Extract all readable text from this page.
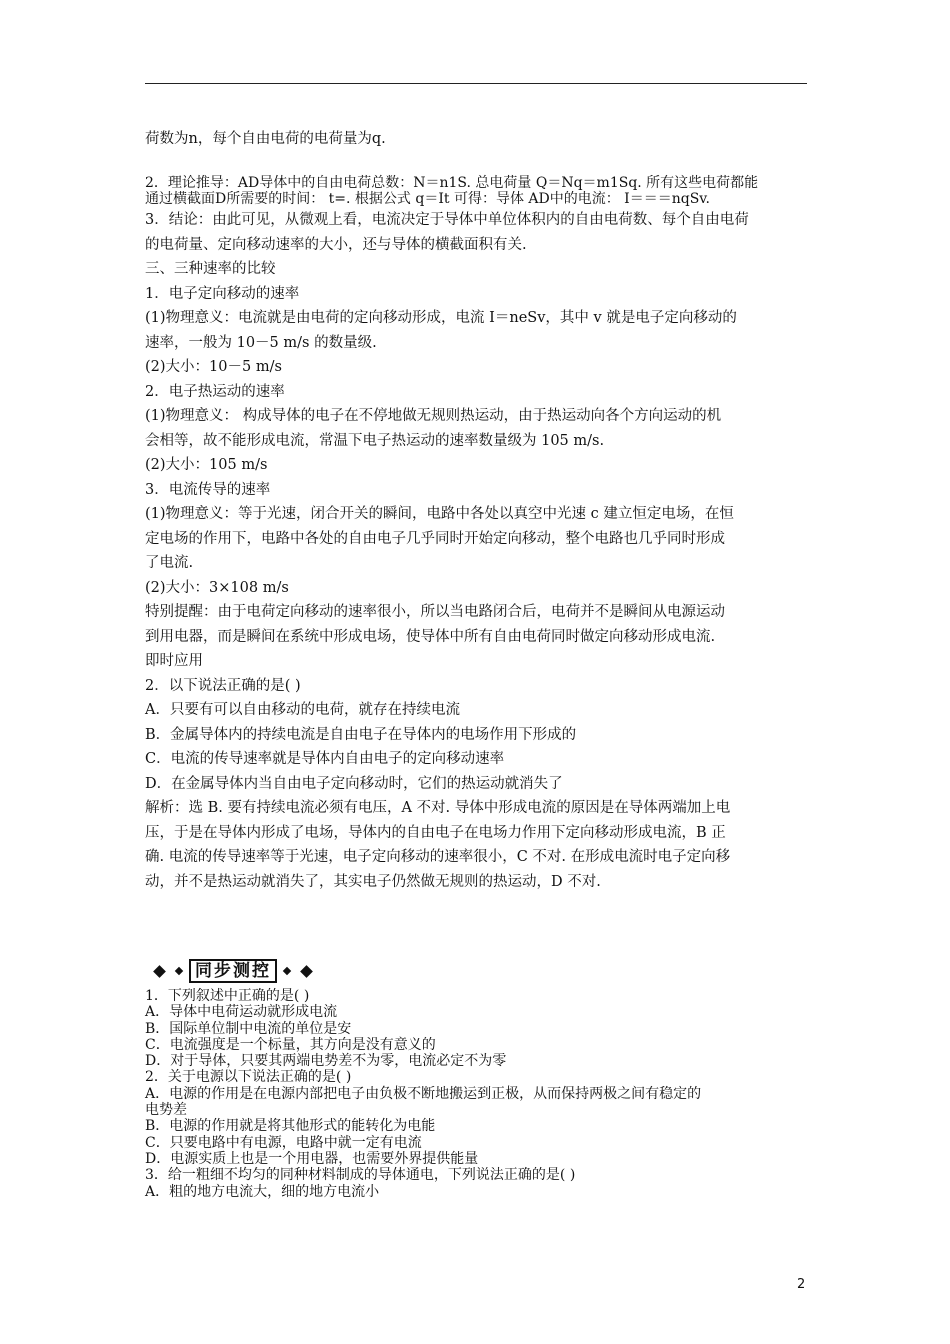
荷数为n，每个自由电荷的电荷量为q.

2．理论推导：AD导体中的自由电荷总数：N＝n1S. 总电荷量 Q＝Nq＝m1Sq. 所有这些电荷都能

通过横截面D所需要的时间： t=. 根据公式 q＝It 可得：导体 AD中的电流： I＝＝＝nqSv.

3．结论：由此可见，从微观上看，电流决定于导体中单位体积内的自由电荷数、每个自由电荷

的电荷量、定向移动速率的大小，还与导体的横截面积有关.

三、三种速率的比较

1．电子定向移动的速率

(1)物理意义：电流就是由电荷的定向移动形成，电流 I＝neSv，其中 v 就是电子定向移动的

速率，一般为 10－5 m/s 的数量级.

(2)大小：10－5 m/s

2．电子热运动的速率

(1)物理意义： 构成导体的电子在不停地做无规则热运动，由于热运动向各个方向运动的机

会相等，故不能形成电流，常温下电子热运动的速率数量级为 105 m/s.

(2)大小：105 m/s

3．电流传导的速率

(1)物理意义：等于光速，闭合开关的瞬间，电路中各处以真空中光速 c 建立恒定电场，在恒

定电场的作用下，电路中各处的自由电子几乎同时开始定向移动，整个电路也几乎同时形成

了电流.

(2)大小：3×108 m/s

特别提醒：由于电荷定向移动的速率很小，所以当电路闭合后，电荷并不是瞬间从电源运动

到用电器，而是瞬间在系统中形成电场，使导体中所有自由电荷同时做定向移动形成电流.

即时应用

2．以下说法正确的是( )

A．只要有可以自由移动的电荷，就存在持续电流

B．金属导体内的持续电流是自由电子在导体内的电场作用下形成的

C．电流的传导速率就是导体内自由电子的定向移动速率

D．在金属导体内当自由电子定向移动时，它们的热运动就消失了

解析：选 B. 要有持续电流必须有电压，A 不对. 导体中形成电流的原因是在导体两端加上电

压，于是在导体内形成了电场，导体内的自由电子在电场力作用下定向移动形成电流，B 正

确. 电流的传导速率等于光速，电子定向移动的速率很小，C 不对. 在形成电流时电子定向移

动，并不是热运动就消失了，其实电子仍然做无规则的热运动，D 不对.

同步测控

1．下列叙述中正确的是( )

A．导体中电荷运动就形成电流

B．国际单位制中电流的单位是安

C．电流强度是一个标量，其方向是没有意义的

D．对于导体，只要其两端电势差不为零，电流必定不为零

2．关于电源以下说法正确的是( )

A．电源的作用是在电源内部把电子由负极不断地搬运到正极，从而保持两极之间有稳定的

电势差

B．电源的作用就是将其他形式的能转化为电能

C．只要电路中有电源，电路中就一定有电流

D．电源实质上也是一个用电器，也需要外界提供能量

3．给一粗细不均匀的同种材料制成的导体通电，下列说法正确的是( )

A．粗的地方电流大，细的地方电流小

2
